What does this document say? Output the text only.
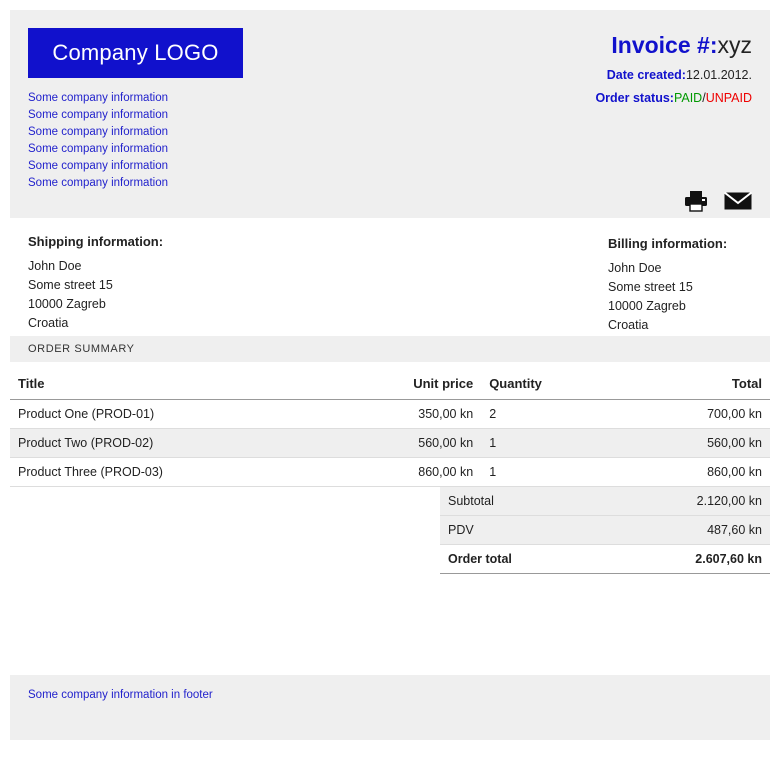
Company LOGO
Some company information
Some company information
Some company information
Some company information
Some company information
Some company information
Invoice #:xyz
Date created:12.01.2012.
Order status:PAID/UNPAID
Shipping information:
John Doe
Some street 15
10000 Zagreb
Croatia
Billing information:
John Doe
Some street 15
10000 Zagreb
Croatia
ORDER SUMMARY
Title	Unit price	Quantity	Total
Product One (PROD-01)	350,00 kn	2	700,00 kn
Product Two (PROD-02)	560,00 kn	1	560,00 kn
Product Three (PROD-03)	860,00 kn	1	860,00 kn
Subtotal	2.120,00 kn
PDV	487,60 kn
Order total	2.607,60 kn
Some company information in footer
